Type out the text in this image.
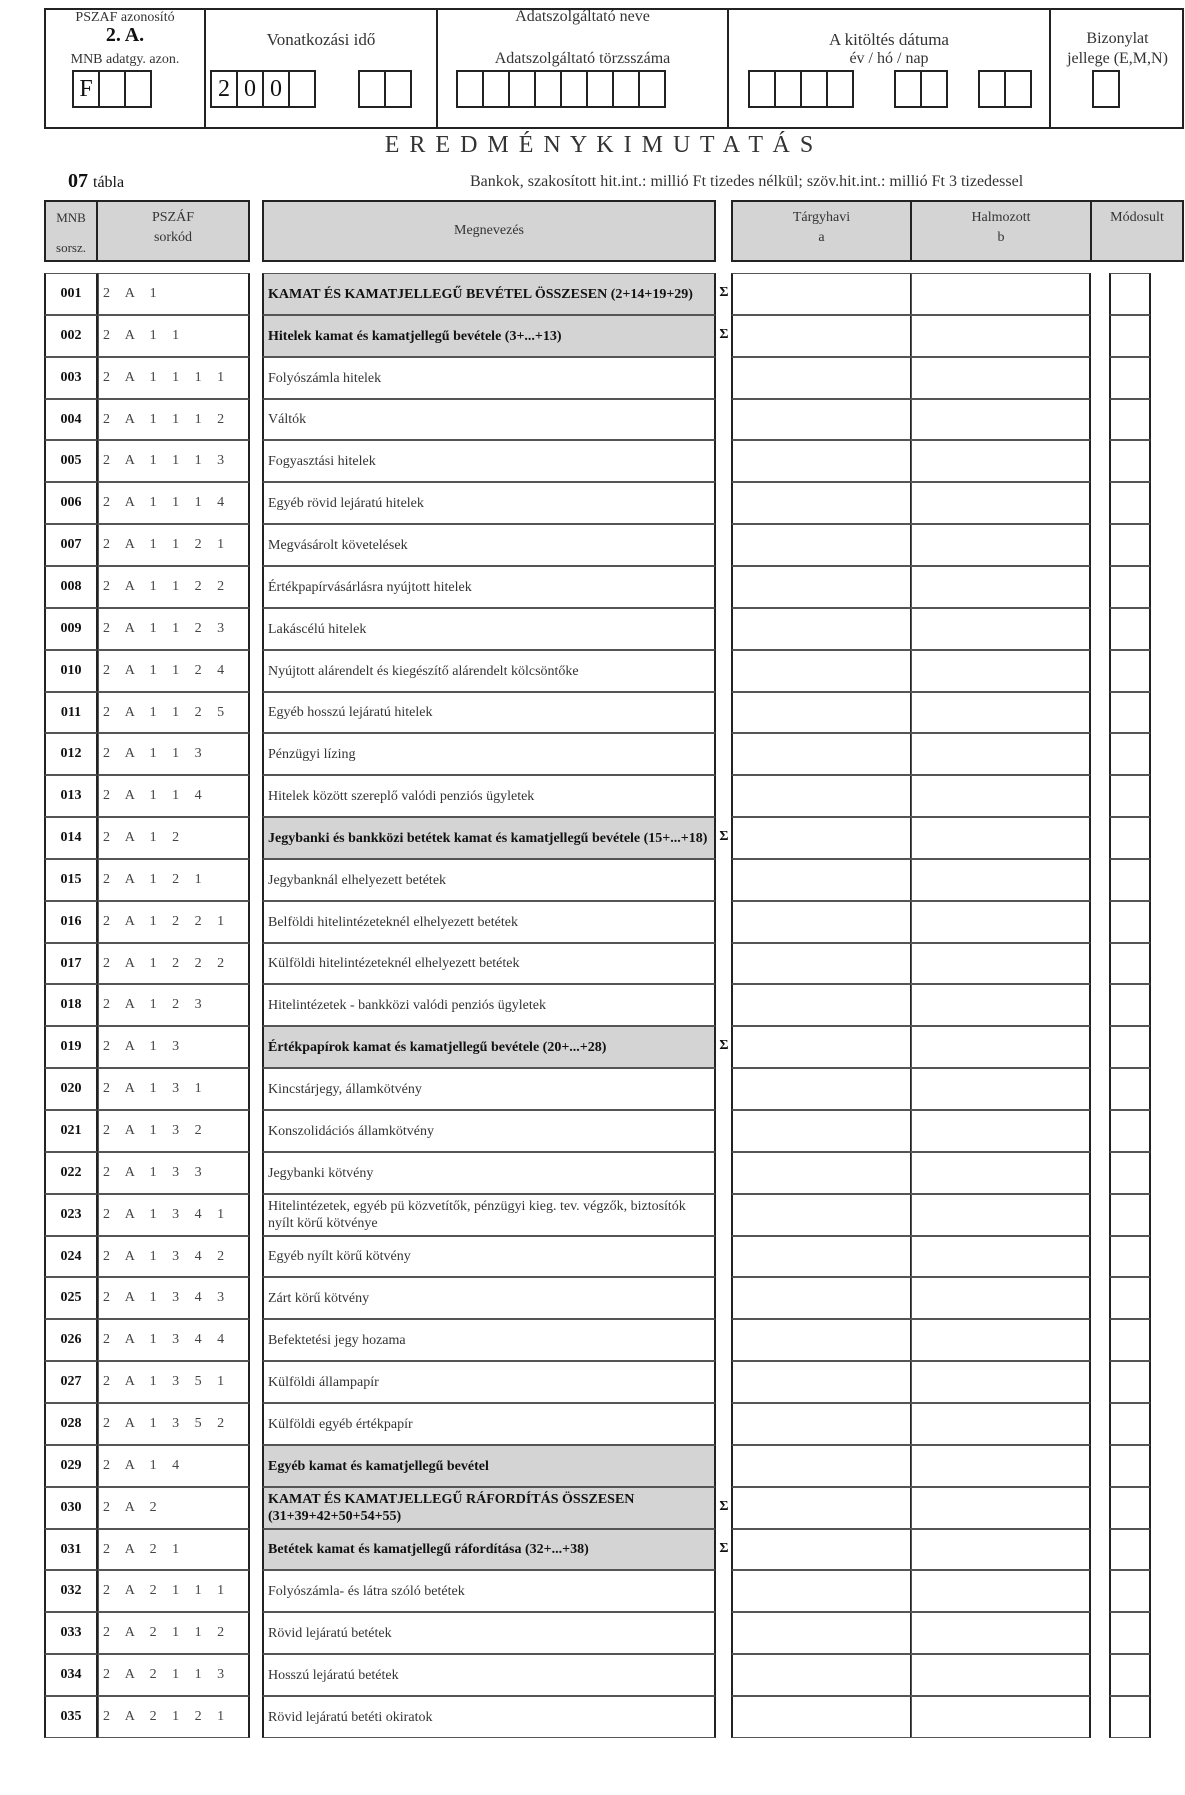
PSZAF azonosító
2. A.
MNB adatgy. azon.
F
Vonatkozási idő
2 0 0
Adatszolgáltató neve
Adatszolgáltató törzsszáma
A kitöltés dátuma
év / hó / nap
Bizonylat
jellege (E,M,N)
E R E D M É N Y K I M U T A T Á S
07 tábla	Bankok, szakosított hit.int.: millió Ft tizedes nélkül; szöv.hit.int.: millió Ft 3 tizedessel
MNB
sorsz.
PSZÁF
sorkód	Megnevezés
Tárgyhavi
a
Halmozott
b
Módosult
001	2 A 1	KAMAT ÉS KAMATJELLEGŰ BEVÉTEL ÖSSZESEN (2+14+19+29)	Σ
002	2 A 1 1	Hitelek kamat és kamatjellegű bevétele (3+...+13)	Σ
003	2 A 1 1 1 1	Folyószámla hitelek
004	2 A 1 1 1 2	Váltók
005	2 A 1 1 1 3	Fogyasztási hitelek
006	2 A 1 1 1 4	Egyéb rövid lejáratú hitelek
007	2 A 1 1 2 1	Megvásárolt követelések
008	2 A 1 1 2 2	Értékpapírvásárlásra nyújtott hitelek
009	2 A 1 1 2 3	Lakáscélú hitelek
010	2 A 1 1 2 4	Nyújtott alárendelt és kiegészítő alárendelt kölcsöntőke
011	2 A 1 1 2 5	Egyéb hosszú lejáratú hitelek
012	2 A 1 1 3	Pénzügyi lízing
013	2 A 1 1 4	Hitelek között szereplő valódi penziós ügyletek
014	2 A 1 2	Jegybanki és bankközi betétek kamat és kamatjellegű bevétele (15+...+18) Σ
015	2 A 1 2 1	Jegybanknál elhelyezett betétek
016	2 A 1 2 2 1	Belföldi hitelintézeteknél elhelyezett betétek
017	2 A 1 2 2 2	Külföldi hitelintézeteknél elhelyezett betétek
018	2 A 1 2 3	Hitelintézetek - bankközi valódi penziós ügyletek
019	2 A 1 3	Értékpapírok kamat és kamatjellegű bevétele (20+...+28)	Σ
020	2 A 1 3 1	Kincstárjegy, államkötvény
021	2 A 1 3 2	Konszolidációs államkötvény
022	2 A 1 3 3	Jegybanki kötvény
023	2 A 1 3 4 1
Hitelintézetek, egyéb pü közvetítők, pénzügyi kieg. tev. végzők, biztosítók nyílt körű kötvénye
024	2 A 1 3 4 2	Egyéb nyílt körű kötvény
025	2 A 1 3 4 3	Zárt körű kötvény
026	2 A 1 3 4 4	Befektetési jegy hozama
027	2 A 1 3 5 1	Külföldi állampapír
028	2 A 1 3 5 2	Külföldi egyéb értékpapír
029	2 A 1 4	Egyéb kamat és kamatjellegű bevétel
030	2 A 2
KAMAT ÉS KAMATJELLEGŰ RÁFORDÍTÁS ÖSSZESEN (31+39+42+50+54+55)
Σ
031	2 A 2 1	Betétek kamat és kamatjellegű ráfordítása (32+...+38)	Σ
032	2 A 2 1 1 1	Folyószámla- és látra szóló betétek
033	2 A 2 1 1 2	Rövid lejáratú betétek
034	2 A 2 1 1 3	Hosszú lejáratú betétek
035	2 A 2 1 2 1	Rövid lejáratú betéti okiratok
